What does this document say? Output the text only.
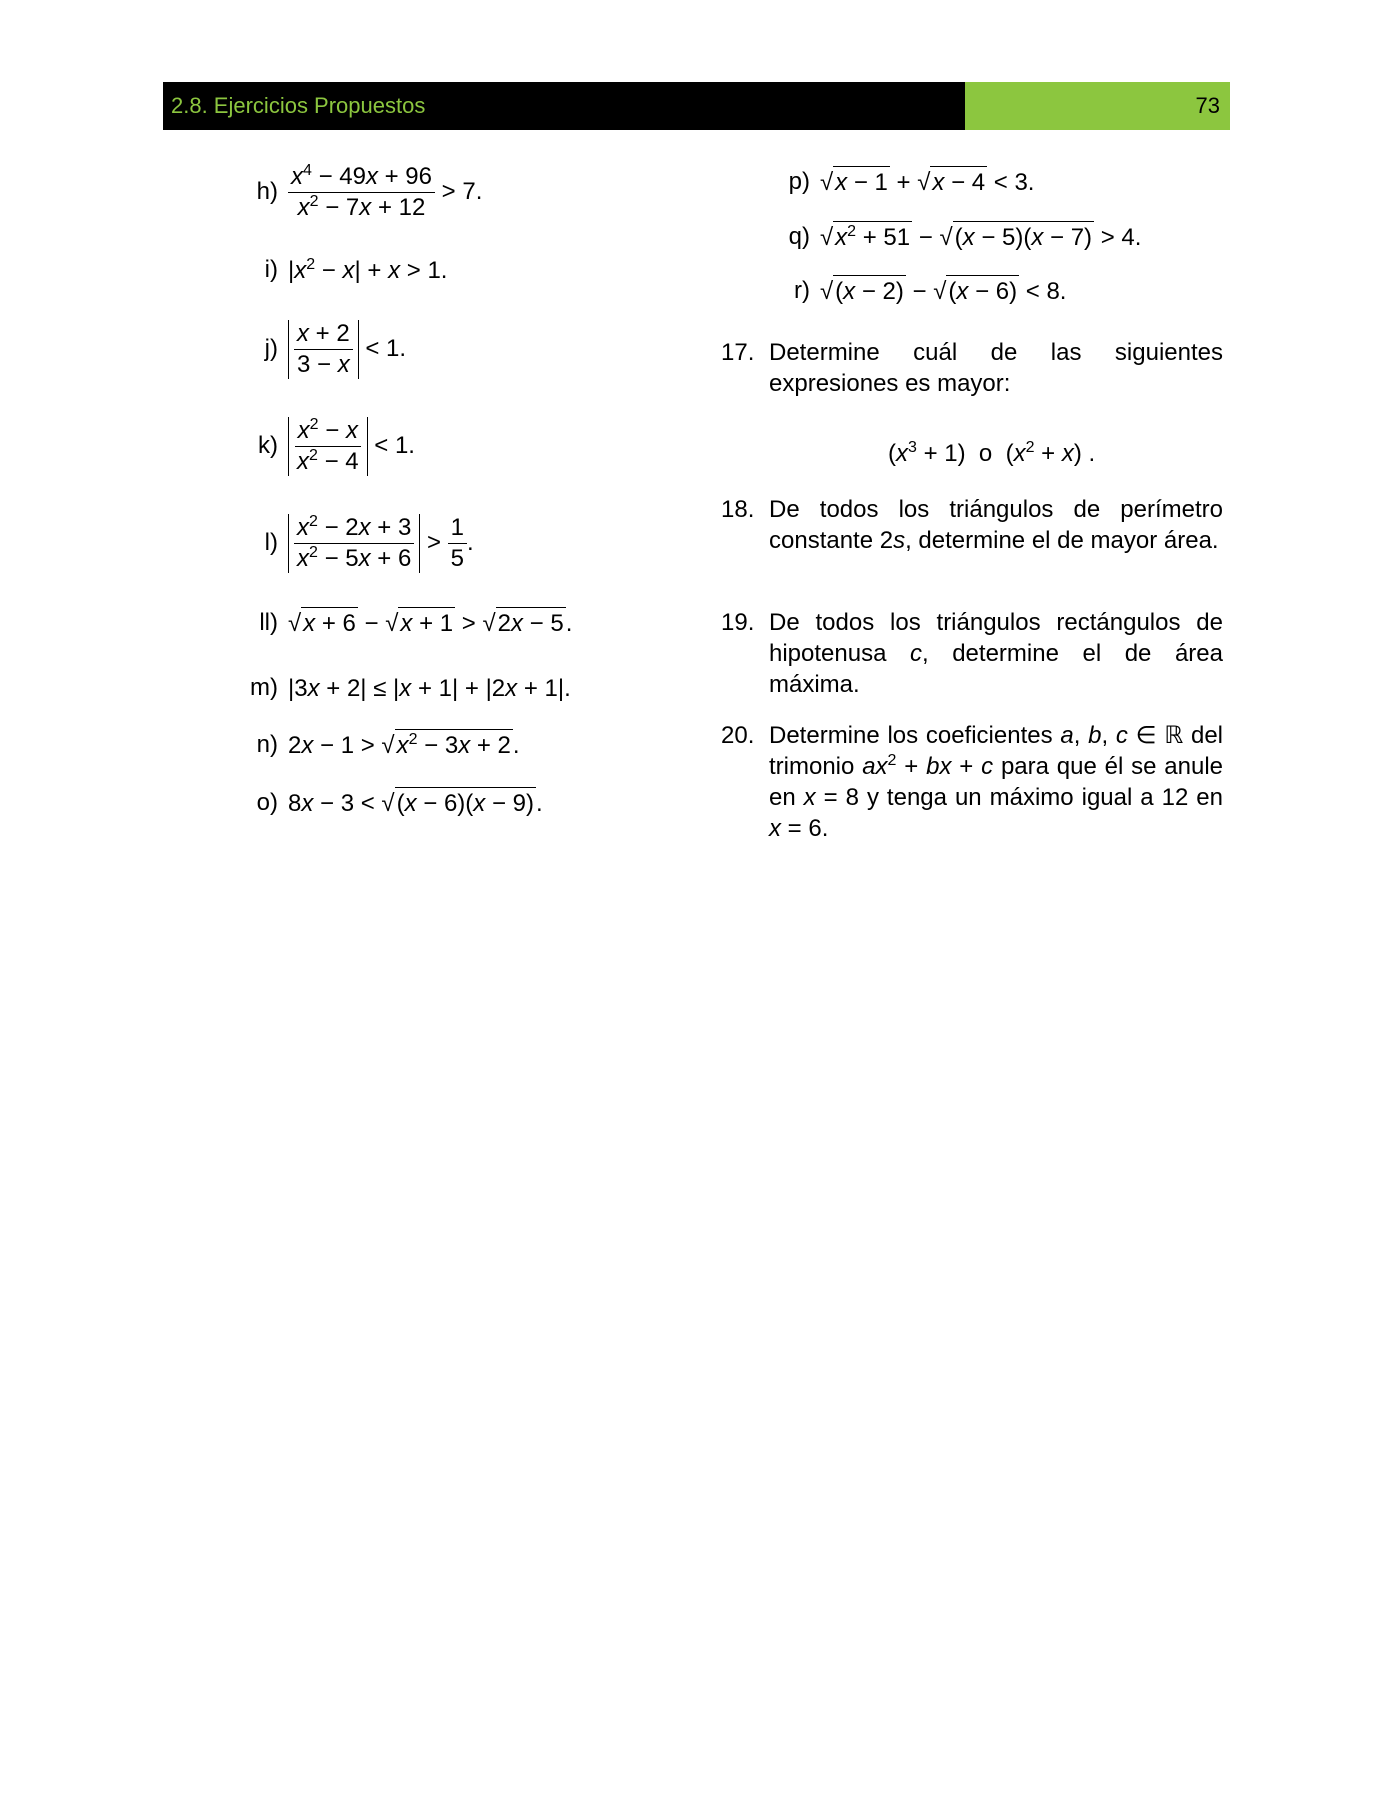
2.8. Ejercicios Propuestos	73
$h) \frac{x^4 - 49x + 96}{x^2 - 7x + 12} > 7$.
i) $|x^2 - x| + x > 1$.
$j) \frac{x + 2}{3 - x} < 1$.
$k) \frac{x^2 - x}{x^2 - 4} < 1$.
$l) \frac{x^2 - 2x + 3}{x^2 - 5x + 6} > \frac{1}{5}$ .
ll) √x + 6 − √x + 1 > √2x − 5.
m) |3x + 2| ≤ |x + 1| + |2x + 1|.
n) $2x - 1 > √x^2 - 3x + 2$.
o) 8x − 3 < √(x − 6)(x − 9).
p) √x − 1 + √x − 4 < 3.
q) $√x^2 + 51 - √(x - 5)(x - 7) > 4$.
r) √(x − 2) − √(x − 6) < 8.
17. Determine cuál de las siguientes expresiones es mayor:
$(x^3 + 1)$  o  $(x^2 + x)$ .
18. De todos los triángulos de perímetro constante 2s, determine el de mayor área.
19. De todos los triángulos rectángulos de hipotenusa c, determine el de área máxima.
20. Determine los coeficientes a, b, c ∈ ℝ del trimonio $ax^2$ + bx + c para que él se anule en x = 8 y tenga un máximo igual a 12 en x = 6.
